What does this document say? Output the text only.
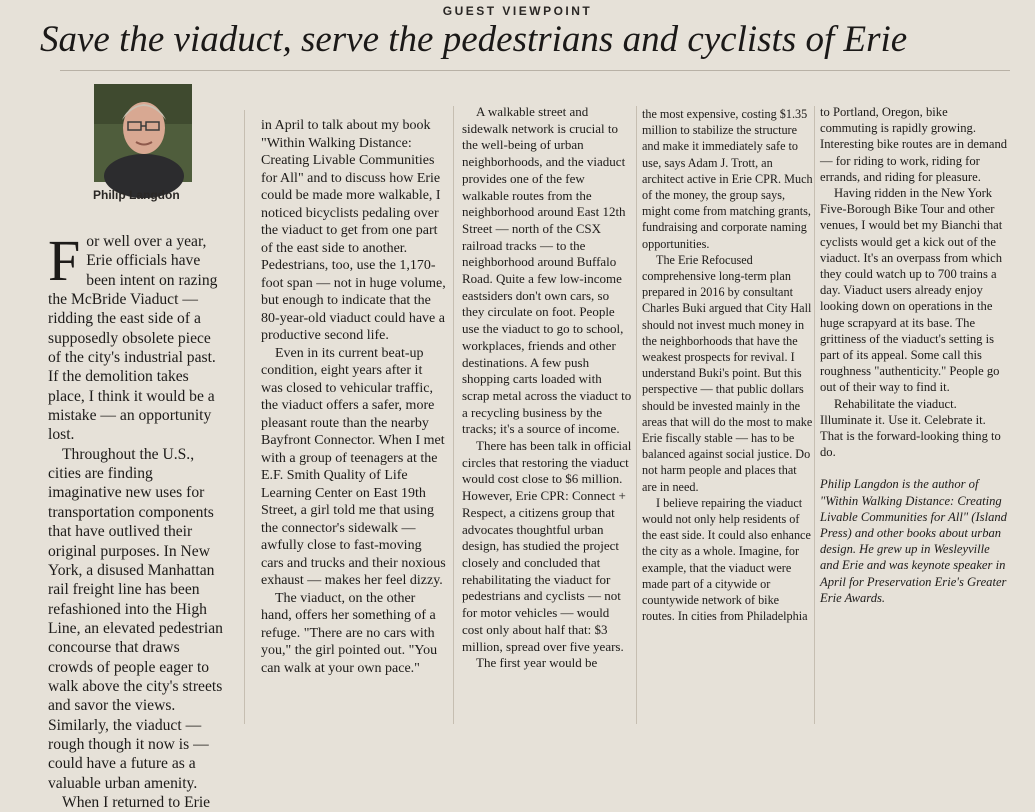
GUEST VIEWPOINT
Save the viaduct, serve the pedestrians and cyclists of Erie
Philip Langdon

For well over a year, Erie officials have been intent on razing the McBride Viaduct — ridding the east side of a supposedly obsolete piece of the city's industrial past. If the demolition takes place, I think it would be a mistake — an opportunity lost.

Throughout the U.S., cities are finding imaginative new uses for transportation components that have outlived their original purposes. In New York, a disused Manhattan rail freight line has been refashioned into the High Line, an elevated pedestrian concourse that draws crowds of people eager to walk above the city's streets and savor the views. Similarly, the viaduct — rough though it now is — could have a future as a valuable urban amenity.

When I returned to Erie

in April to talk about my book "Within Walking Distance: Creating Livable Communities for All" and to discuss how Erie could be made more walkable, I noticed bicyclists pedaling over the viaduct to get from one part of the east side to another. Pedestrians, too, use the 1,170-foot span — not in huge volume, but enough to indicate that the 80-year-old viaduct could have a productive second life.

Even in its current beat-up condition, eight years after it was closed to vehicular traffic, the viaduct offers a safer, more pleasant route than the nearby Bayfront Connector. When I met with a group of teenagers at the E.F. Smith Quality of Life Learning Center on East 19th Street, a girl told me that using the connector's sidewalk — awfully close to fast-moving cars and trucks and their noxious exhaust — makes her feel dizzy.

The viaduct, on the other hand, offers her something of a refuge. "There are no cars with you," the girl pointed out. "You can walk at your own pace."

A walkable street and sidewalk network is crucial to the well-being of urban neighborhoods, and the viaduct provides one of the few walkable routes from the neighborhood around East 12th Street — north of the CSX railroad tracks — to the neighborhood around Buffalo Road. Quite a few low-income eastsiders don't own cars, so they circulate on foot. People use the viaduct to go to school, workplaces, friends and other destinations. A few push shopping carts loaded with scrap metal across the viaduct to a recycling business by the tracks; it's a source of income.

There has been talk in official circles that restoring the viaduct would cost close to $6 million. However, Erie CPR: Connect + Respect, a citizens group that advocates thoughtful urban design, has studied the project closely and concluded that rehabilitating the viaduct for pedestrians and cyclists — not for motor vehicles — would cost only about half that: $3 million, spread over five years.

The first year would be

the most expensive, costing $1.35 million to stabilize the structure and make it immediately safe to use, says Adam J. Trott, an architect active in Erie CPR. Much of the money, the group says, might come from matching grants, fundraising and corporate naming opportunities.

The Erie Refocused comprehensive long-term plan prepared in 2016 by consultant Charles Buki argued that City Hall should not invest much money in the neighborhoods that have the weakest prospects for revival. I understand Buki's point. But this perspective — that public dollars should be invested mainly in the areas that will do the most to make Erie fiscally stable — has to be balanced against social justice. Do not harm people and places that are in need.

I believe repairing the viaduct would not only help residents of the east side. It could also enhance the city as a whole. Imagine, for example, that the viaduct were made part of a citywide or countywide network of bike routes. In cities from Philadelphia

to Portland, Oregon, bike commuting is rapidly growing. Interesting bike routes are in demand — for riding to work, riding for errands, and riding for pleasure.

Having ridden in the New York Five-Borough Bike Tour and other venues, I would bet my Bianchi that cyclists would get a kick out of the viaduct. It's an overpass from which they could watch up to 700 trains a day. Viaduct users already enjoy looking down on operations in the huge scrapyard at its base. The grittiness of the viaduct's setting is part of its appeal. Some call this roughness "authenticity." People go out of their way to find it.

Rehabilitate the viaduct. Illuminate it. Use it. Celebrate it. That is the forward-looking thing to do.

Philip Langdon is the author of "Within Walking Distance: Creating Livable Communities for All" (Island Press) and other books about urban design. He grew up in Wesleyville and Erie and was keynote speaker in April for Preservation Erie's Greater Erie Awards.
